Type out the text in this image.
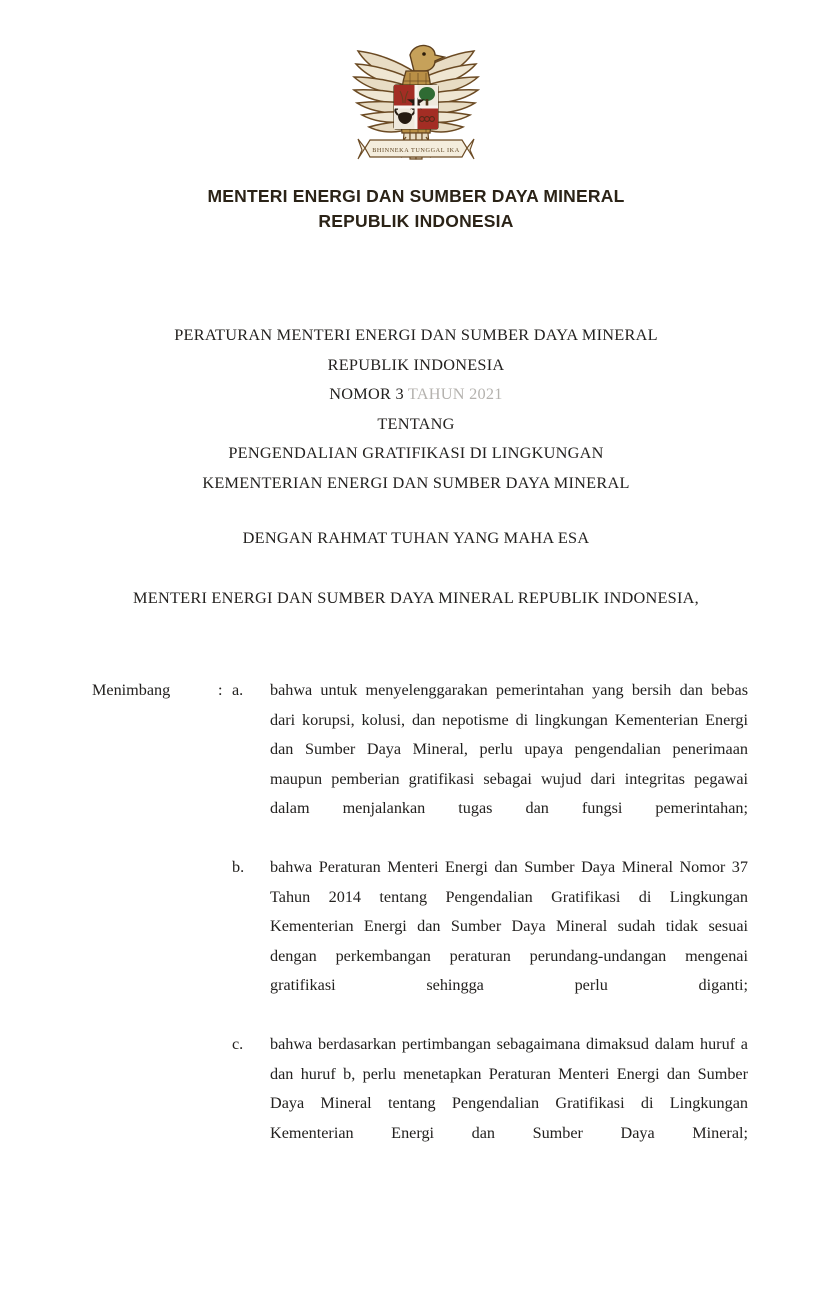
BHINNEKA TUNGGAL IKA
MENTERI ENERGI DAN SUMBER DAYA MINERAL
REPUBLIK INDONESIA
PERATURAN MENTERI ENERGI DAN SUMBER DAYA MINERAL
REPUBLIK INDONESIA
NOMOR 3 TAHUN 2021
TENTANG
PENGENDALIAN GRATIFIKASI DI LINGKUNGAN
KEMENTERIAN ENERGI DAN SUMBER DAYA MINERAL
DENGAN RAHMAT TUHAN YANG MAHA ESA
MENTERI ENERGI DAN SUMBER DAYA MINERAL REPUBLIK INDONESIA,
Menimbang	: a.	bahwa untuk menyelenggarakan pemerintahan yang bersih dan bebas dari korupsi, kolusi, dan nepotisme di lingkungan Kementerian Energi dan Sumber Daya Mineral, perlu upaya pengendalian penerimaan maupun pemberian gratifikasi sebagai wujud dari integritas pegawai dalam menjalankan tugas dan fungsi pemerintahan;
b.	bahwa Peraturan Menteri Energi dan Sumber Daya Mineral Nomor 37 Tahun 2014 tentang Pengendalian Gratifikasi di Lingkungan Kementerian Energi dan Sumber Daya Mineral sudah tidak sesuai dengan perkembangan peraturan perundang-undangan mengenai gratifikasi sehingga perlu diganti;
c.	bahwa berdasarkan pertimbangan sebagaimana dimaksud dalam huruf a dan huruf b, perlu menetapkan Peraturan Menteri Energi dan Sumber Daya Mineral tentang Pengendalian Gratifikasi di Lingkungan Kementerian Energi dan Sumber Daya Mineral;
